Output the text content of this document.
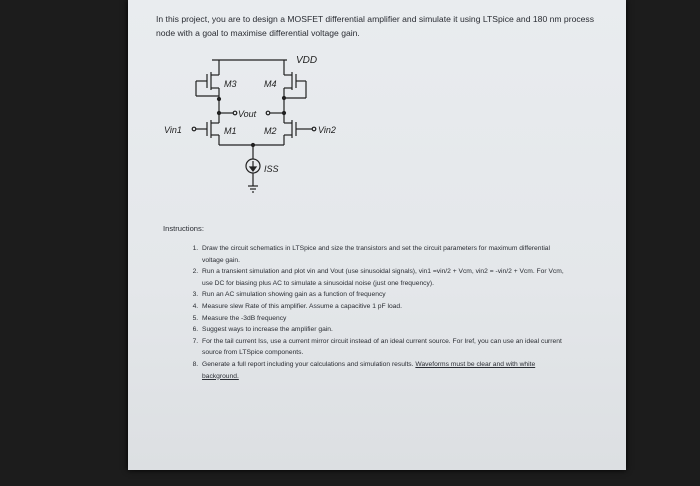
In this project, you are to design a MOSFET differential amplifier and simulate it using LTSpice and 180 nm process node with a goal to maximise differential voltage gain.
VDD
M3	M4
Vout
Vin1	M1	Vin2
M2
ISS
Instructions:
1. Draw the circuit schematics in LTSpice and size the transistors and set the circuit parameters for maximum differential voltage gain.
2. Run a transient simulation and plot vin and Vout (use sinusoidal signals), vin1 =vin/2 + Vcm, vin2 = -vin/2 + Vcm. For Vcm, use DC for biasing plus AC to simulate a sinusoidal noise (just one frequency).
3. Run an AC simulation showing gain as a function of frequency
4. Measure slew Rate of this amplifier. Assume a capacitive 1 pF load.
5. Measure the -3dB frequency
6. Suggest ways to increase the amplifier gain.
7. For the tail current Iss, use a current mirror circuit instead of an ideal current source. For Iref, you can use an ideal current source from LTSpice components.
8. Generate a full report including your calculations and simulation results. Waveforms must be clear and with white background.
